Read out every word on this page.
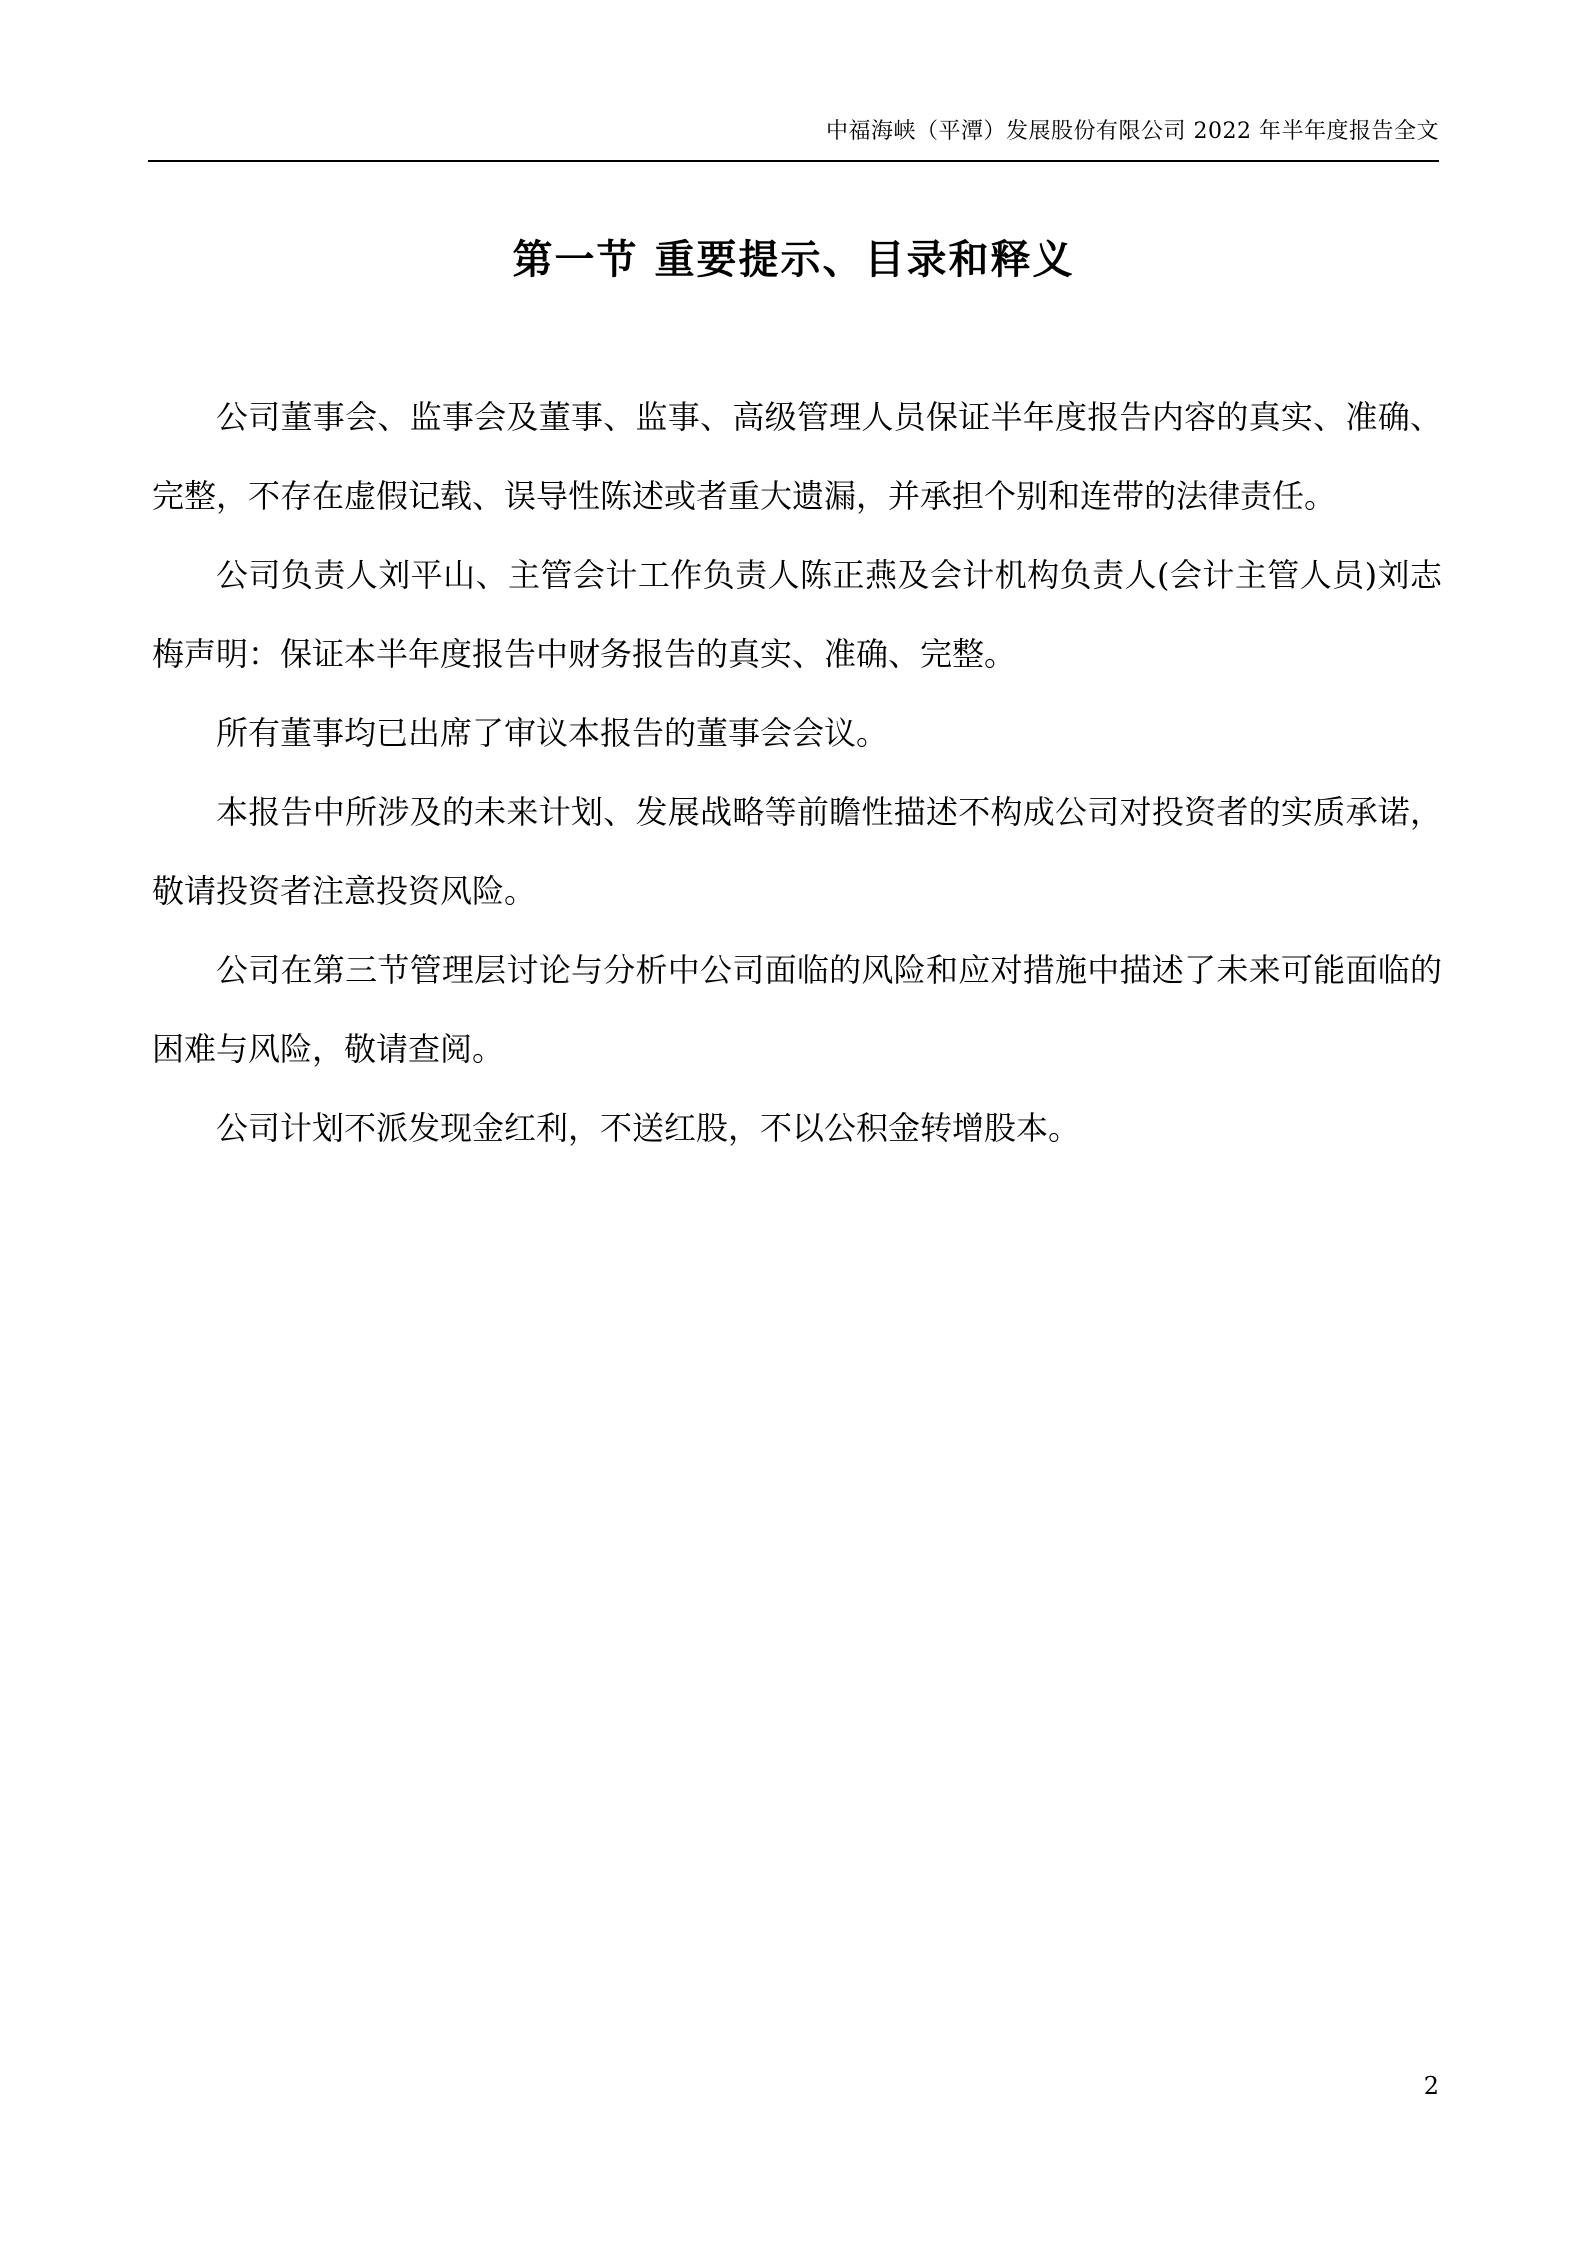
中福海峡（平潭）发展股份有限公司 2022 年半年度报告全文
第一节 重要提示、目录和释义

公司董事会、监事会及董事、监事、高级管理人员保证半年度报告内容的真实、准确、完整，不存在虚假记载、误导性陈述或者重大遗漏，并承担个别和连带的法律责任。

公司负责人刘平山、主管会计工作负责人陈正燕及会计机构负责人(会计主管人员)刘志梅声明：保证本半年度报告中财务报告的真实、准确、完整。

所有董事均已出席了审议本报告的董事会会议。

本报告中所涉及的未来计划、发展战略等前瞻性描述不构成公司对投资者的实质承诺，敬请投资者注意投资风险。

公司在第三节管理层讨论与分析中公司面临的风险和应对措施中描述了未来可能面临的困难与风险，敬请查阅。

公司计划不派发现金红利，不送红股，不以公积金转增股本。

2
